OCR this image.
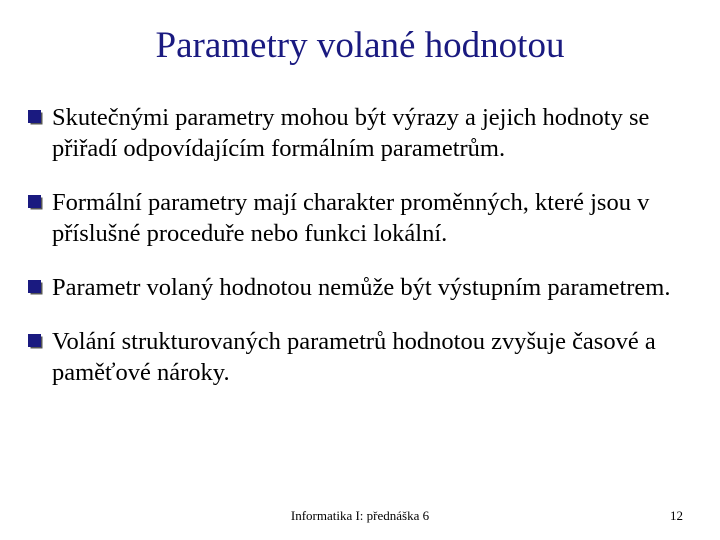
Parametry volané hodnotou
Skutečnými parametry mohou být výrazy a jejich hodnoty se přiřadí odpovídajícím formálním parametrům.
Formální parametry mají charakter proměnných, které jsou v příslušné proceduře nebo funkci lokální.
Parametr volaný hodnotou nemůže být výstupním parametrem.
Volání strukturovaných parametrů hodnotou zvyšuje časové a paměťové nároky.
Informatika I: přednáška 6	12
